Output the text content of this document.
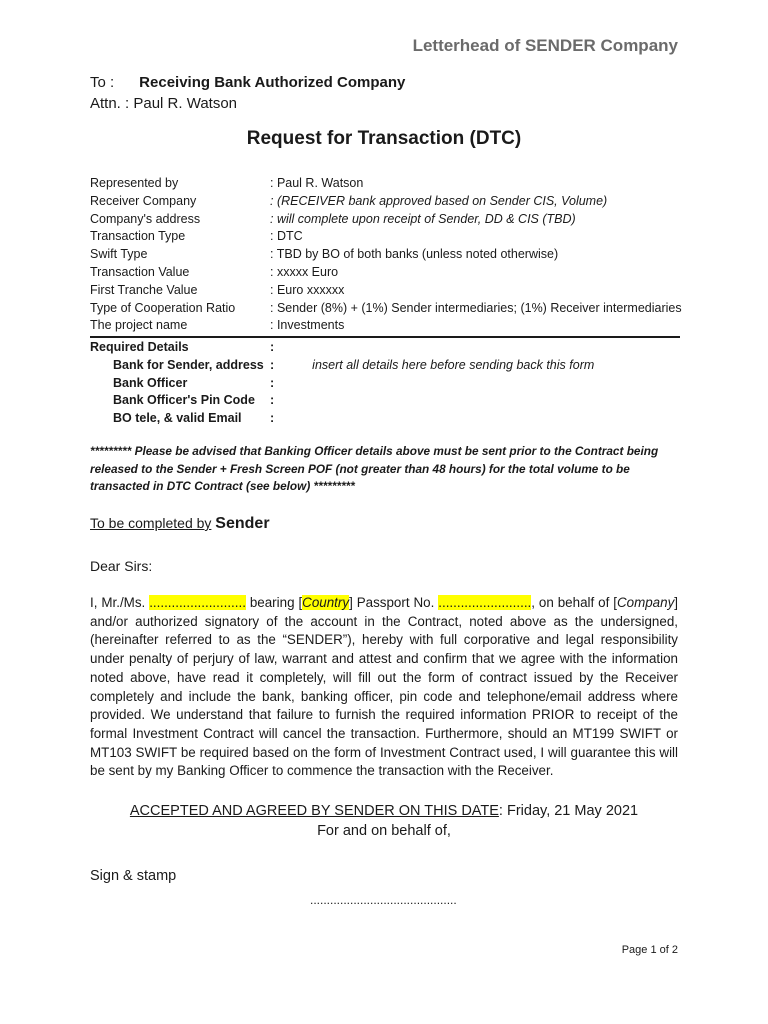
Letterhead of SENDER Company
To : Receiving Bank Authorized Company
Attn. : Paul R. Watson
Request for Transaction (DTC)
Represented by	: Paul R. Watson
Receiver Company	: (RECEIVER bank approved based on Sender CIS, Volume)
Company's address	: will complete upon receipt of Sender, DD & CIS (TBD)
Transaction Type	: DTC
Swift Type	: TBD by BO of both banks (unless noted otherwise)
Transaction Value	: xxxxx Euro
First Tranche Value	: Euro xxxxxx
Type of Cooperation Ratio	: Sender (8%) + (1%) Sender intermediaries; (1%) Receiver intermediaries
The project name	: Investments
Required Details	:
Bank for Sender, address :	insert all details here before sending back this form
Bank Officer	:
Bank Officer's Pin Code :
BO tele, & valid Email :
********* Please be advised that Banking Officer details above must be sent prior to the Contract being released to the Sender + Fresh Screen POF (not greater than 48 hours) for the total volume to be transacted in DTC Contract (see below) *********
To be completed by Sender
Dear Sirs:
I, Mr./Ms. .......................... bearing [Country] Passport No. ........................., on behalf of [Company] and/or authorized signatory of the account in the Contract, noted above as the undersigned, (hereinafter referred to as the “SENDER”), hereby with full corporative and legal responsibility under penalty of perjury of law, warrant and attest and confirm that we agree with the information noted above, have read it completely, will fill out the form of contract issued by the Receiver completely and include the bank, banking officer, pin code and telephone/email address where provided. We understand that failure to furnish the required information PRIOR to receipt of the formal Investment Contract will cancel the transaction. Furthermore, should an MT199 SWIFT or MT103 SWIFT be required based on the form of Investment Contract used, I will guarantee this will be sent by my Banking Officer to commence the transaction with the Receiver.
ACCEPTED AND AGREED BY SENDER ON THIS DATE: Friday, 21 May 2021
For and on behalf of,
Sign & stamp
............................................
Page 1 of 2
